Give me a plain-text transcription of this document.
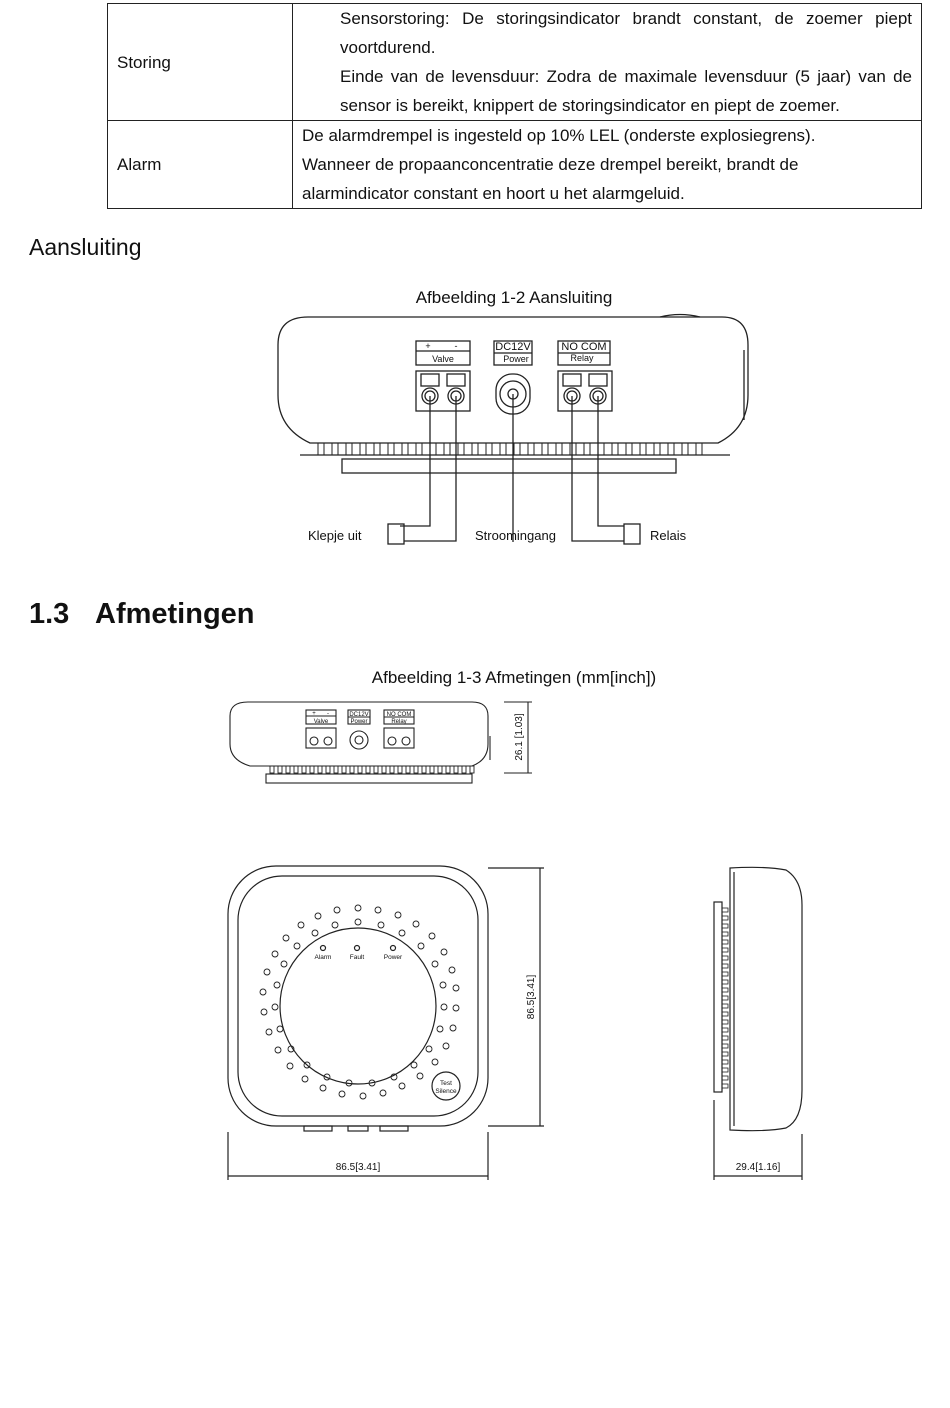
Storing	Sensorstoring: De storingsindicator brandt constant, de zoemer piept voortdurend.

Einde van de levensduur: Zodra de maximale levensduur (5 jaar) van de sensor is bereikt, knippert de storingsindicator en piept de zoemer.

Alarm	De alarmdrempel is ingesteld op 10% LEL (onderste explosiegrens).

Wanneer de propaanconcentratie deze drempel bereikt, brandt de

alarmindicator constant en hoort u het alarmgeluid.

Aansluiting
Afbeelding 1-2 Aansluiting
+	-
Valve
DC12V
Power
NO COM
Relay
Klepje uit	Stroomingang	Relais
1.3 Afmetingen
Afbeelding 1-3 Afmetingen (mm[inch])
+ -
Valve
DC12V
Power
NO COM
Relay	26.1 [1.03]
Alarm	Fault	Power
Test
Silence
86.5[3.41]
86.5[3.41]	29.4[1.16]
